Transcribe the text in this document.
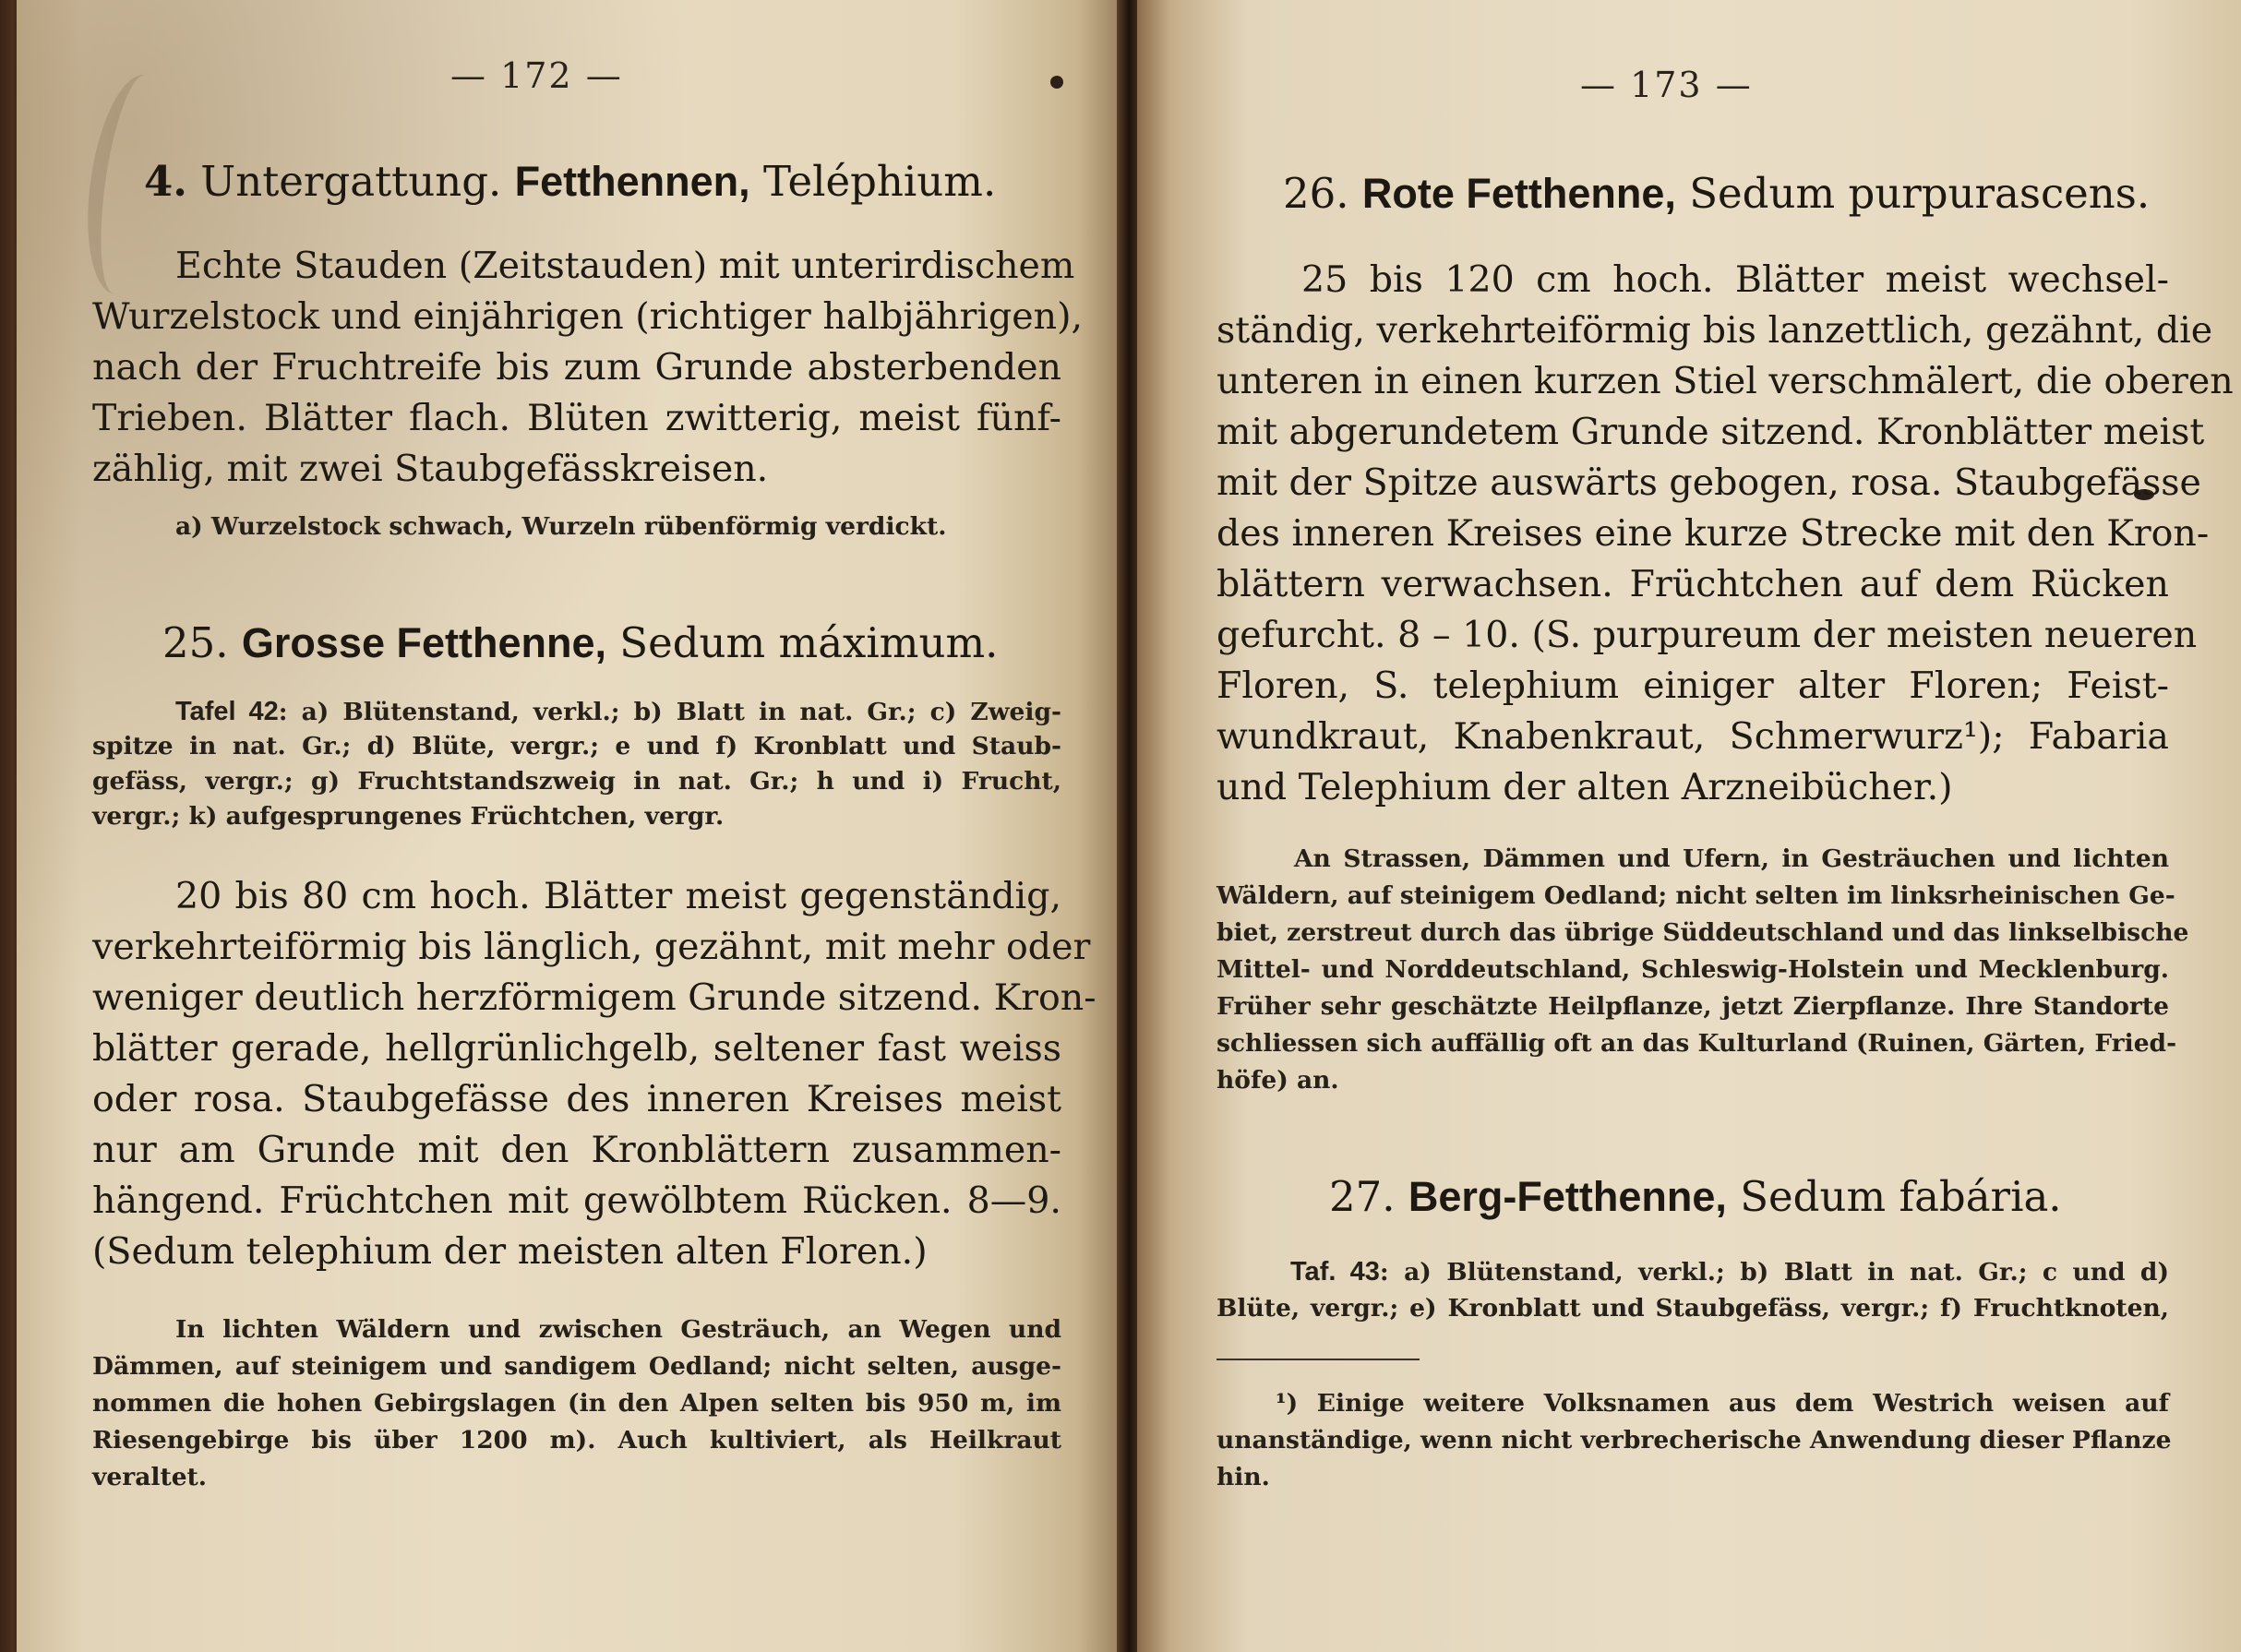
— 172 —
4. Untergattung. Fetthennen, Teléphium.
Echte Stauden (Zeitstauden) mit unterirdischem
Wurzelstock und einjährigen (richtiger halbjährigen),
nach der Fruchtreife bis zum Grunde absterbenden
Trieben. Blätter flach. Blüten zwitterig, meist fünf-
zählig, mit zwei Staubgefässkreisen.
a) Wurzelstock schwach, Wurzeln rübenförmig verdickt.
25. Grosse Fetthenne, Sedum máximum.
Tafel 42: a) Blütenstand, verkl.; b) Blatt in nat. Gr.; c) Zweig-
spitze in nat. Gr.; d) Blüte, vergr.; e und f) Kronblatt und Staub-
gefäss, vergr.; g) Fruchtstandszweig in nat. Gr.; h und i) Frucht,
vergr.; k) aufgesprungenes Früchtchen, vergr.
20 bis 80 cm hoch. Blätter meist gegenständig,
verkehrteiförmig bis länglich, gezähnt, mit mehr oder
weniger deutlich herzförmigem Grunde sitzend. Kron-
blätter gerade, hellgrünlichgelb, seltener fast weiss
oder rosa. Staubgefässe des inneren Kreises meist
nur am Grunde mit den Kronblättern zusammen-
hängend. Früchtchen mit gewölbtem Rücken. 8—9.
(Sedum telephium der meisten alten Floren.)
In lichten Wäldern und zwischen Gesträuch, an Wegen und
Dämmen, auf steinigem und sandigem Oedland; nicht selten, ausge-
nommen die hohen Gebirgslagen (in den Alpen selten bis 950 m, im
Riesengebirge bis über 1200 m). Auch kultiviert, als Heilkraut
veraltet.
— 173 —
26. Rote Fetthenne, Sedum purpurascens.
25 bis 120 cm hoch. Blätter meist wechsel-
ständig, verkehrteiförmig bis lanzettlich, gezähnt, die
unteren in einen kurzen Stiel verschmälert, die oberen
mit abgerundetem Grunde sitzend. Kronblätter meist
mit der Spitze auswärts gebogen, rosa. Staubgefässe
des inneren Kreises eine kurze Strecke mit den Kron-
blättern verwachsen. Früchtchen auf dem Rücken
gefurcht. 8 – 10. (S. purpureum der meisten neueren
Floren, S. telephium einiger alter Floren; Feist-
wundkraut, Knabenkraut, Schmerwurz¹); Fabaria
und Telephium der alten Arzneibücher.)
An Strassen, Dämmen und Ufern, in Gesträuchen und lichten
Wäldern, auf steinigem Oedland; nicht selten im linksrheinischen Ge-
biet, zerstreut durch das übrige Süddeutschland und das linkselbische
Mittel- und Norddeutschland, Schleswig-Holstein und Mecklenburg.
Früher sehr geschätzte Heilpflanze, jetzt Zierpflanze. Ihre Standorte
schliessen sich auffällig oft an das Kulturland (Ruinen, Gärten, Fried-
höfe) an.
27. Berg-Fetthenne, Sedum fabária.
Taf. 43: a) Blütenstand, verkl.; b) Blatt in nat. Gr.; c und d)
Blüte, vergr.; e) Kronblatt und Staubgefäss, vergr.; f) Fruchtknoten,
¹) Einige weitere Volksnamen aus dem Westrich weisen auf
unanständige, wenn nicht verbrecherische Anwendung dieser Pflanze
hin.
